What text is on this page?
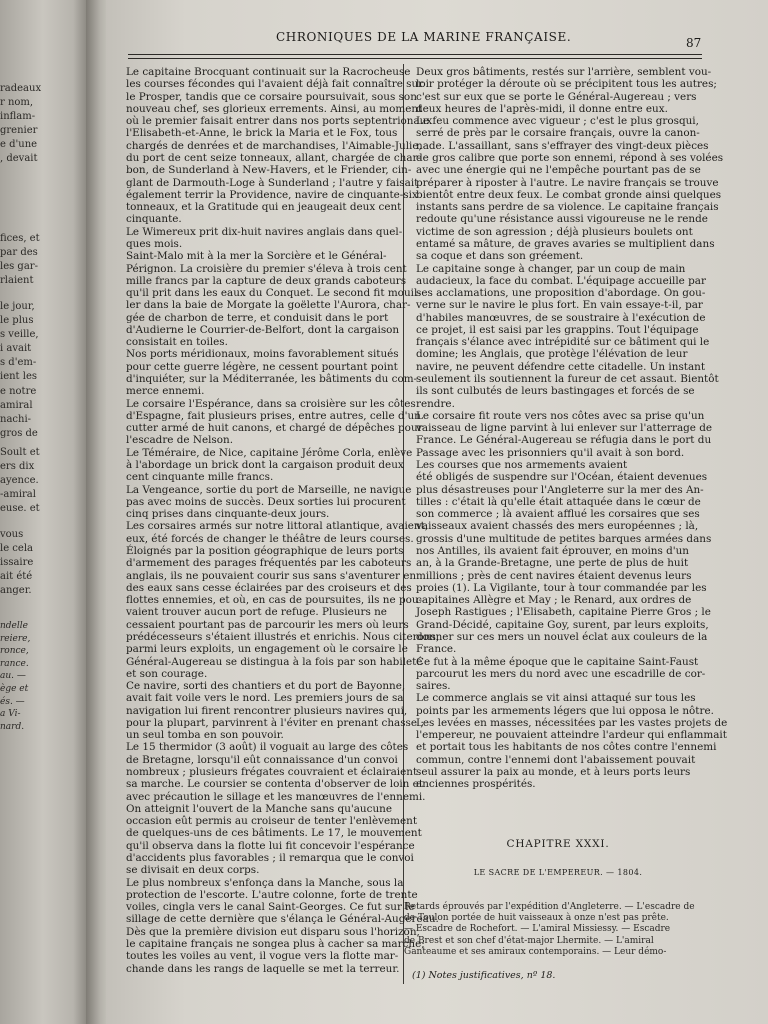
radeaux
r nom,
inflam-
grenier
e d'une
, devait
fices, et
par des
les gar-
rlaient
le jour,
le plus
s veille,
i avait
s d'em-
ient les
e notre
amiral
nachi-
gros de
Soult et
ers dix
ayence.
-amiral
euse. et
vous
le cela
issaire
ait été
anger.
ndelle
reiere,
ronce,
rance.
au. —
ège et
és. —
a Vi-
nard.
CHRONIQUES DE LA MARINE FRANÇAISE.	87
Le capitaine Brocquant continuait sur la Racrocheuse
les courses fécondes qui l'avaient déjà fait connaître sur
le Prosper, tandis que ce corsaire poursuivait, sous son
nouveau chef, ses glorieux errements. Ainsi, au moment
où le premier faisait entrer dans nos ports septentrionaux
l'Elisabeth-et-Anne, le brick la Maria et le Fox, tous
chargés de denrées et de marchandises, l'Aimable-Julie,
du port de cent seize tonneaux, allant, chargée de char-
bon, de Sunderland à New-Havers, et le Friender, cin-
glant de Darmouth-Loge à Sunderland ; l'autre y faisait
également terrir la Providence, navire de cinquante-six
tonneaux, et la Gratitude qui en jeaugeait deux cent
cinquante.
Le Wimereux prit dix-huit navires anglais dans quel-
ques mois.
Saint-Malo mit à la mer la Sorcière et le Général-
Pérignon. La croisière du premier s'éleva à trois cent
mille francs par la capture de deux grands caboteurs
qu'il prit dans les eaux du Conquet. Le second fit mouil-
ler dans la baie de Morgate la goëlette l'Aurora, char-
gée de charbon de terre, et conduisit dans le port
d'Audierne le Courrier-de-Belfort, dont la cargaison
consistait en toiles.
Nos ports méridionaux, moins favorablement situés
pour cette guerre légère, ne cessent pourtant point
d'inquiéter, sur la Méditerranée, les bâtiments du com-
merce ennemi.
Le corsaire l'Espérance, dans sa croisière sur les côtes
d'Espagne, fait plusieurs prises, entre autres, celle d'un
cutter armé de huit canons, et chargé de dépêches pour
l'escadre de Nelson.
Le Téméraire, de Nice, capitaine Jérôme Corla, enlève
à l'abordage un brick dont la cargaison produit deux
cent cinquante mille francs.
La Vengeance, sortie du port de Marseille, ne navigue
pas avec moins de succès. Deux sorties lui procurent
cinq prises dans cinquante-deux jours.
Les corsaires armés sur notre littoral atlantique, avaient,
eux, été forcés de changer le théâtre de leurs courses.
Éloignés par la position géographique de leurs ports
d'armement des parages fréquentés par les caboteurs
anglais, ils ne pouvaient courir sus sans s'aventurer en
des eaux sans cesse éclairées par des croiseurs et des
flottes ennemies, et où, en cas de poursuites, ils ne pou-
vaient trouver aucun port de refuge. Plusieurs ne
cessaient pourtant pas de parcourir les mers où leurs
prédécesseurs s'étaient illustrés et enrichis. Nous citerons,
parmi leurs exploits, un engagement où le corsaire le
Général-Augereau se distingua à la fois par son habileté
et son courage.
Ce navire, sorti des chantiers et du port de Bayonne,
avait fait voile vers le nord. Les premiers jours de sa
navigation lui firent rencontrer plusieurs navires qui,
pour la plupart, parvinrent à l'éviter en prenant chasse ;
un seul tomba en son pouvoir.
Le 15 thermidor (3 août) il voguait au large des côtes
de Bretagne, lorsqu'il eût connaissance d'un convoi
nombreux ; plusieurs frégates couvraient et éclairaient
sa marche. Le coursier se contenta d'observer de loin et
avec précaution le sillage et les manœuvres de l'ennemi.
On atteignit l'ouvert de la Manche sans qu'aucune
occasion eût permis au croiseur de tenter l'enlèvement
de quelques-uns de ces bâtiments. Le 17, le mouvement
qu'il observa dans la flotte lui fit concevoir l'espérance
d'accidents plus favorables ; il remarqua que le convoi
se divisait en deux corps.
Le plus nombreux s'enfonça dans la Manche, sous la
protection de l'escorte. L'autre colonne, forte de trente
voiles, cingla vers le canal Saint-Georges. Ce fut sur le
sillage de cette dernière que s'élança le Général-Augereau.
Dès que la première division eut disparu sous l'horizon,
le capitaine français ne songea plus à cacher sa marche;
toutes les voiles au vent, il vogue vers la flotte mar-
chande dans les rangs de laquelle se met la terreur.
Deux gros bâtiments, restés sur l'arrière, semblent vou-
loir protéger la déroute où se précipitent tous les autres;
c'est sur eux que se porte le Général-Augereau ; vers
deux heures de l'après-midi, il donne entre eux.
Le feu commence avec vigueur ; c'est le plus grosqui,
serré de près par le corsaire français, ouvre la canon-
nade. L'assaillant, sans s'effrayer des vingt-deux pièces
de gros calibre que porte son ennemi, répond à ses volées
avec une énergie qui ne l'empêche pourtant pas de se
préparer à riposter à l'autre. Le navire français se trouve
bientôt entre deux feux. Le combat gronde ainsi quelques
instants sans perdre de sa violence. Le capitaine français
redoute qu'une résistance aussi vigoureuse ne le rende
victime de son agression ; déjà plusieurs boulets ont
entamé sa mâture, de graves avaries se multiplient dans
sa coque et dans son gréement.
Le capitaine songe à changer, par un coup de main
audacieux, la face du combat. L'équipage accueille par
ses acclamations, une proposition d'abordage. On gou-
verne sur le navire le plus fort. En vain essaye-t-il, par
d'habiles manœuvres, de se soustraire à l'exécution de
ce projet, il est saisi par les grappins. Tout l'équipage
français s'élance avec intrépidité sur ce bâtiment qui le
domine; les Anglais, que protège l'élévation de leur
navire, ne peuvent défendre cette citadelle. Un instant
seulement ils soutiennent la fureur de cet assaut. Bientôt
ils sont culbutés de leurs bastingages et forcés de se
rendre.
Le corsaire fit route vers nos côtes avec sa prise qu'un
vaisseau de ligne parvint à lui enlever sur l'atterrage de
France. Le Général-Augereau se réfugia dans le port du
Passage avec les prisonniers qu'il avait à son bord.
Les courses que nos armements avaient
été obligés de suspendre sur l'Océan, étaient devenues
plus désastreuses pour l'Angleterre sur la mer des An-
tilles : c'était là qu'elle était attaquée dans le cœur de
son commerce ; là avaient afflué les corsaires que ses
vaisseaux avaient chassés des mers européennes ; là,
grossis d'une multitude de petites barques armées dans
nos Antilles, ils avaient fait éprouver, en moins d'un
an, à la Grande-Bretagne, une perte de plus de huit
millions ; près de cent navires étaient devenus leurs
proies (1). La Vigilante, tour à tour commandée par les
capitaines Allègre et May ; le Renard, aux ordres de
Joseph Rastigues ; l'Elisabeth, capitaine Pierre Gros ; le
Grand-Décidé, capitaine Goy, surent, par leurs exploits,
donner sur ces mers un nouvel éclat aux couleurs de la
France.
Ce fut à la même époque que le capitaine Saint-Faust
parcourut les mers du nord avec une escadrille de cor-
saires.
Le commerce anglais se vit ainsi attaqué sur tous les
points par les armements légers que lui opposa le nôtre.
Les levées en masses, nécessitées par les vastes projets de
l'empereur, ne pouvaient atteindre l'ardeur qui enflammait
et portait tous les habitants de nos côtes contre l'ennemi
commun, contre l'ennemi dont l'abaissement pouvait
seul assurer la paix au monde, et à leurs ports leurs
anciennes prospérités.
CHAPITRE XXXI.
LE SACRE DE L'EMPEREUR. — 1804.
Retards éprouvés par l'expédition d'Angleterre. — L'escadre de
de Toulon portée de huit vaisseaux à onze n'est pas prête.
— Escadre de Rochefort. — L'amiral Missiessy. — Escadre
de Brest et son chef d'état-major Lhermite. — L'amiral
Ganteaume et ses amiraux contemporains. — Leur démo-
(1) Notes justificatives, nº 18.
